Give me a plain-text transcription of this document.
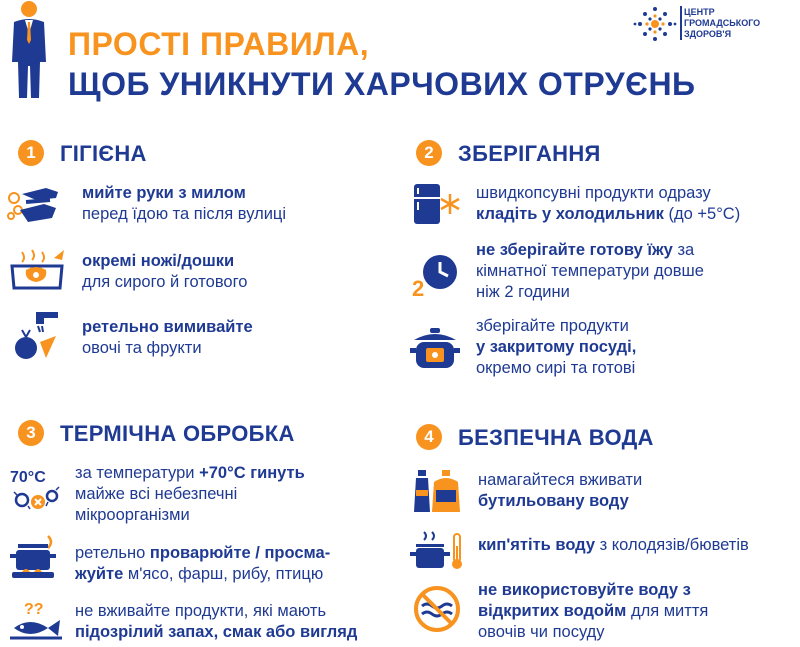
ПРОСТІ ПРАВИЛА,
ЩОБ УНИКНУТИ ХАРЧОВИХ ОТРУЄНЬ
ЦЕНТР
ГРОМАДСЬКОГО
ЗДОРОВ'Я
1	ГІГІЄНА
мийте руки з милом
перед їдою та після вулиці
окремі ножі/дошки
для сирого й готового
ретельно вимивайте
овочі та фрукти
2	ЗБЕРІГАННЯ
швидкопсувні продукти одразу
кладіть у холодильник (до +5°С)
2
не зберігайте готову їжу за
кімнатної температури довше
ніж 2 години
зберігайте продукти
у закритому посуді,
окремо сирі та готові
3	ТЕРМІЧНА ОБРОБКА
70°С за температури +70°С гинуть
майже всі небезпечні
мікроорганізми
ретельно проварюйте / просма-
жуйте м'ясо, фарш, рибу, птицю
?? не вживайте продукти, які мають
підозрілий запах, смак або вигляд
4	БЕЗПЕЧНА ВОДА
намагайтеся вживати
бутильовану воду
кип'ятіть воду з колодязів/бюветів
не використовуйте воду з
відкритих водойм для миття
овочів чи посуду
